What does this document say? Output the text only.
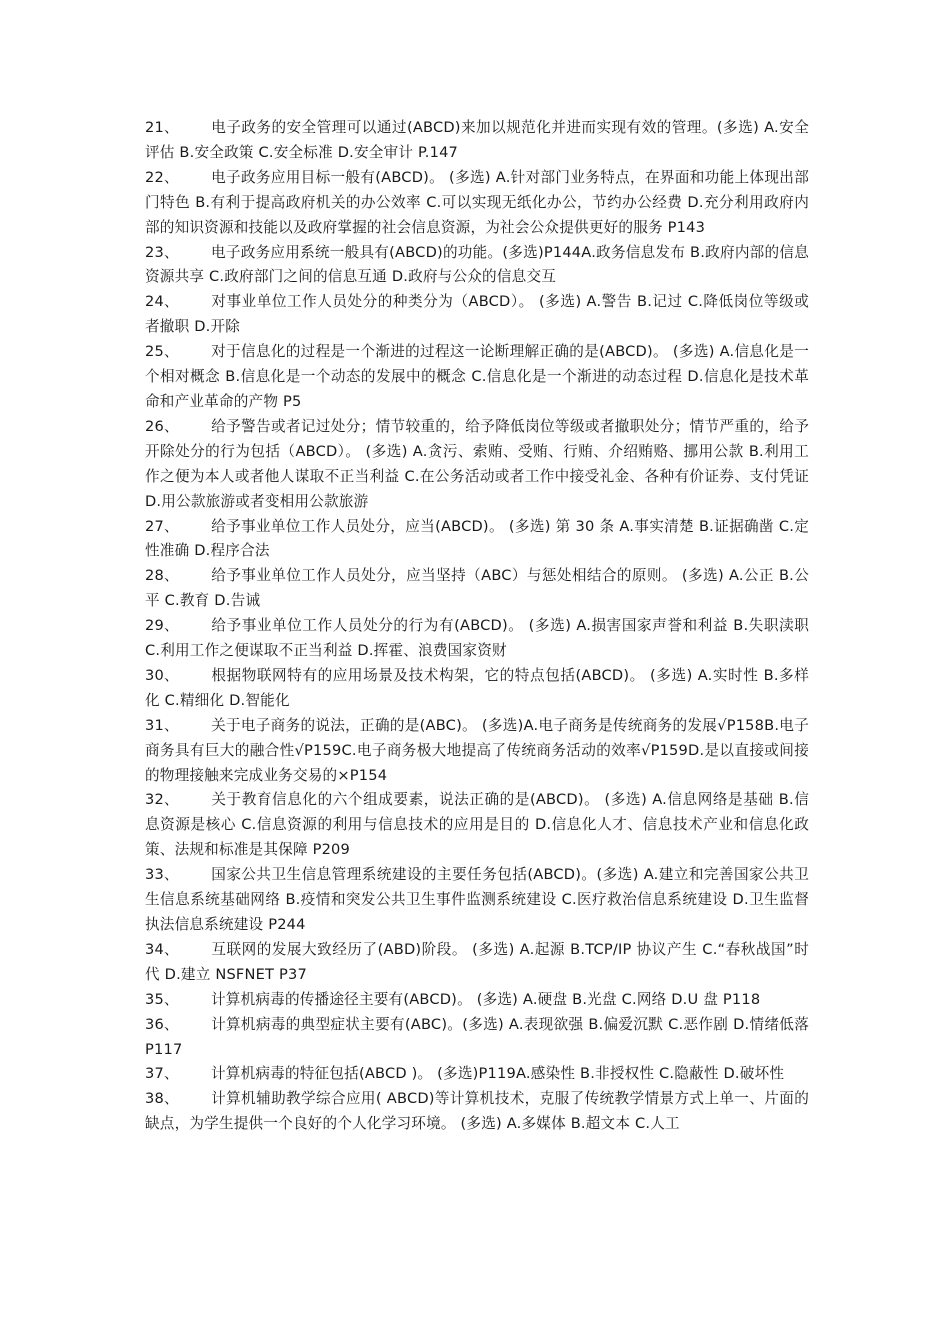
21、 电子政务的安全管理可以通过(ABCD)来加以规范化并进而实现有效的管理。(多选) A.安全评估 B.安全政策 C.安全标准 D.安全审计 P.147
22、 电子政务应用目标一般有(ABCD)。 (多选) A.针对部门业务特点，在界面和功能上体现出部门特色 B.有利于提高政府机关的办公效率 C.可以实现无纸化办公，节约办公经费 D.充分利用政府内部的知识资源和技能以及政府掌握的社会信息资源，为社会公众提供更好的服务 P143
23、 电子政务应用系统一般具有(ABCD)的功能。(多选)P144A.政务信息发布 B.政府内部的信息资源共享 C.政府部门之间的信息互通 D.政府与公众的信息交互
24、 对事业单位工作人员处分的种类分为（ABCD）。 (多选) A.警告 B.记过 C.降低岗位等级或者撤职 D.开除
25、 对于信息化的过程是一个渐进的过程这一论断理解正确的是(ABCD)。 (多选) A.信息化是一个相对概念 B.信息化是一个动态的发展中的概念 C.信息化是一个渐进的动态过程 D.信息化是技术革命和产业革命的产物 P5
26、 给予警告或者记过处分；情节较重的，给予降低岗位等级或者撤职处分；情节严重的，给予开除处分的行为包括（ABCD）。 (多选) A.贪污、索贿、受贿、行贿、介绍贿赂、挪用公款 B.利用工作之便为本人或者他人谋取不正当利益 C.在公务活动或者工作中接受礼金、各种有价证券、支付凭证 D.用公款旅游或者变相用公款旅游
27、 给予事业单位工作人员处分，应当(ABCD)。 (多选) 第 30 条 A.事实清楚 B.证据确凿 C.定性准确 D.程序合法
28、 给予事业单位工作人员处分，应当坚持（ABC）与惩处相结合的原则。 (多选) A.公正 B.公平 C.教育 D.告诫
29、 给予事业单位工作人员处分的行为有(ABCD)。 (多选) A.损害国家声誉和利益 B.失职渎职 C.利用工作之便谋取不正当利益 D.挥霍、浪费国家资财
30、 根据物联网特有的应用场景及技术构架，它的特点包括(ABCD)。 (多选) A.实时性 B.多样化 C.精细化 D.智能化
31、 关于电子商务的说法，正确的是(ABC)。 (多选)A.电子商务是传统商务的发展√P158B.电子商务具有巨大的融合性√P159C.电子商务极大地提高了传统商务活动的效率√P159D.是以直接或间接的物理接触来完成业务交易的×P154
32、 关于教育信息化的六个组成要素，说法正确的是(ABCD)。 (多选) A.信息网络是基础 B.信息资源是核心 C.信息资源的利用与信息技术的应用是目的 D.信息化人才、信息技术产业和信息化政策、法规和标准是其保障 P209
33、 国家公共卫生信息管理系统建设的主要任务包括(ABCD)。(多选) A.建立和完善国家公共卫生信息系统基础网络 B.疫情和突发公共卫生事件监测系统建设 C.医疗救治信息系统建设 D.卫生监督执法信息系统建设 P244
34、 互联网的发展大致经历了(ABD)阶段。 (多选) A.起源 B.TCP/IP 协议产生 C.“春秋战国”时代 D.建立 NSFNET P37
35、 计算机病毒的传播途径主要有(ABCD)。 (多选) A.硬盘 B.光盘 C.网络 D.U 盘 P118
36、 计算机病毒的典型症状主要有(ABC)。(多选) A.表现欲强 B.偏爱沉默 C.恶作剧 D.情绪低落 P117
37、 计算机病毒的特征包括(ABCD )。 (多选)P119A.感染性 B.非授权性 C.隐蔽性 D.破坏性
38、 计算机辅助教学综合应用( ABCD)等计算机技术，克服了传统教学情景方式上单一、片面的缺点，为学生提供一个良好的个人化学习环境。 (多选) A.多媒体 B.超文本 C.人工
